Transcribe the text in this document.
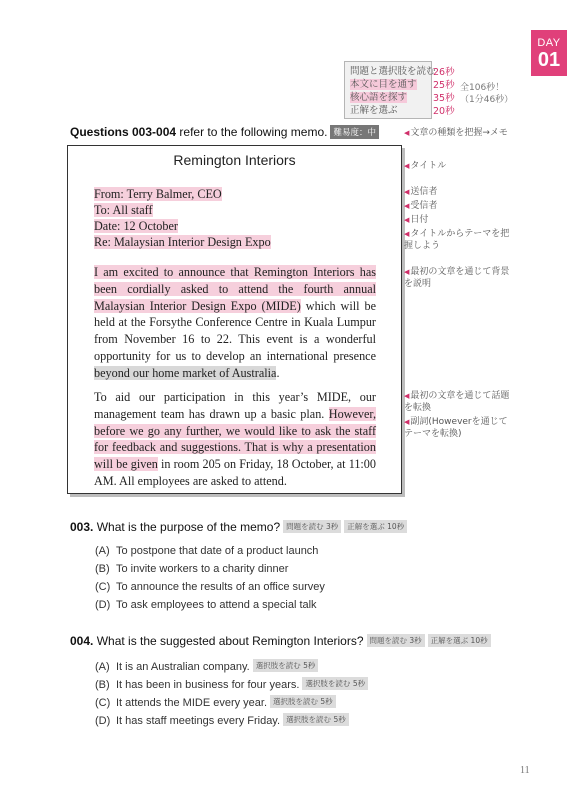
DAY
01
問題と選択肢を読む
本文に目を通す
核心語を探す
正解を選ぶ
26秒
25秒
35秒
20秒
全106秒！
（1分46秒）
Questions 003-004 refer to the following memo. 難易度：中
◀	文章の種類を把握→メモ
Remington Interiors
From: Terry Balmer, CEO
To: All staff
Date: 12 October
Re: Malaysian Interior Design Expo
I am excited to announce that Remington Interiors has been cordially asked to attend the fourth annual Malaysian Interior Design Expo (MIDE) which will be held at the Forsythe Conference Centre in Kuala Lumpur from November 16 to 22. This event is a wonderful opportunity for us to develop an international presence beyond our home market of Australia.
To aid our participation in this year’s MIDE, our management team has drawn up a basic plan. However, before we go any further, we would like to ask the staff for feedback and suggestions. That is why a presentation will be given in room 205 on Friday, 18 October, at 11:00 AM. All employees are asked to attend.
◀ タイトル
◀ 送信者
◀ 受信者
◀ 日付
◀ タイトルからテーマを把握しよう
◀ 最初の文章を通じて背景を説明
◀ 最初の文章を通じて話題を転換
◀ 副詞(Howeverを通じてテーマを転換)
003. What is the purpose of the memo? 問題を読む 3秒 正解を選ぶ 10秒
(A) To postpone that date of a product launch
(B) To invite workers to a charity dinner
(C) To announce the results of an office survey
(D) To ask employees to attend a special talk
004. What is the suggested about Remington Interiors? 問題を読む 3秒 正解を選ぶ 10秒
(A) It is an Australian company. 選択肢を読む 5秒
(B) It has been in business for four years. 選択肢を読む 5秒
(C) It attends the MIDE every year. 選択肢を読む 5秒
(D) It has staff meetings every Friday. 選択肢を読む 5秒
11
